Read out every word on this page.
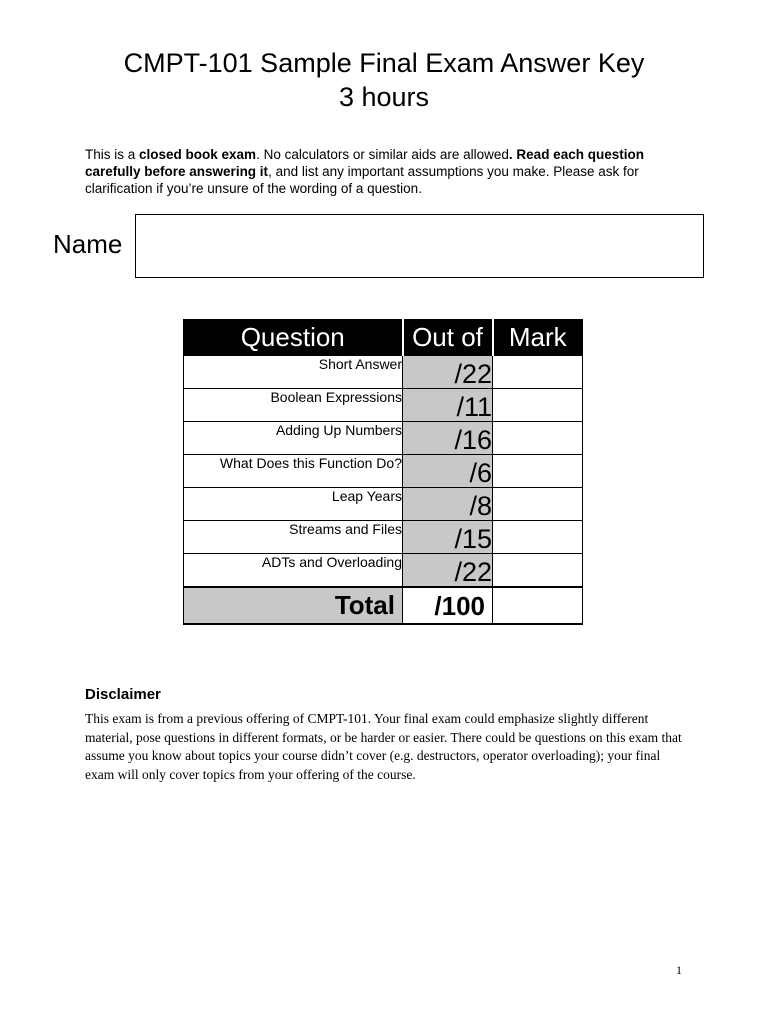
CMPT-101 Sample Final Exam Answer Key
3 hours
This is a closed book exam. No calculators or similar aids are allowed. Read each question carefully before answering it, and list any important assumptions you make. Please ask for clarification if you’re unsure of the wording of a question.
Name
Question	Out of	Mark
Short Answer	/22	
Boolean Expressions	/11	
Adding Up Numbers	/16	
What Does this Function Do?	/6	
Leap Years	/8	
Streams and Files	/15	
ADTs and Overloading	/22	
Total	/100	
Disclaimer
This exam is from a previous offering of CMPT-101. Your final exam could emphasize slightly different material, pose questions in different formats, or be harder or easier. There could be questions on this exam that assume you know about topics your course didn’t cover (e.g. destructors, operator overloading); your final exam will only cover topics from your offering of the course.
1
